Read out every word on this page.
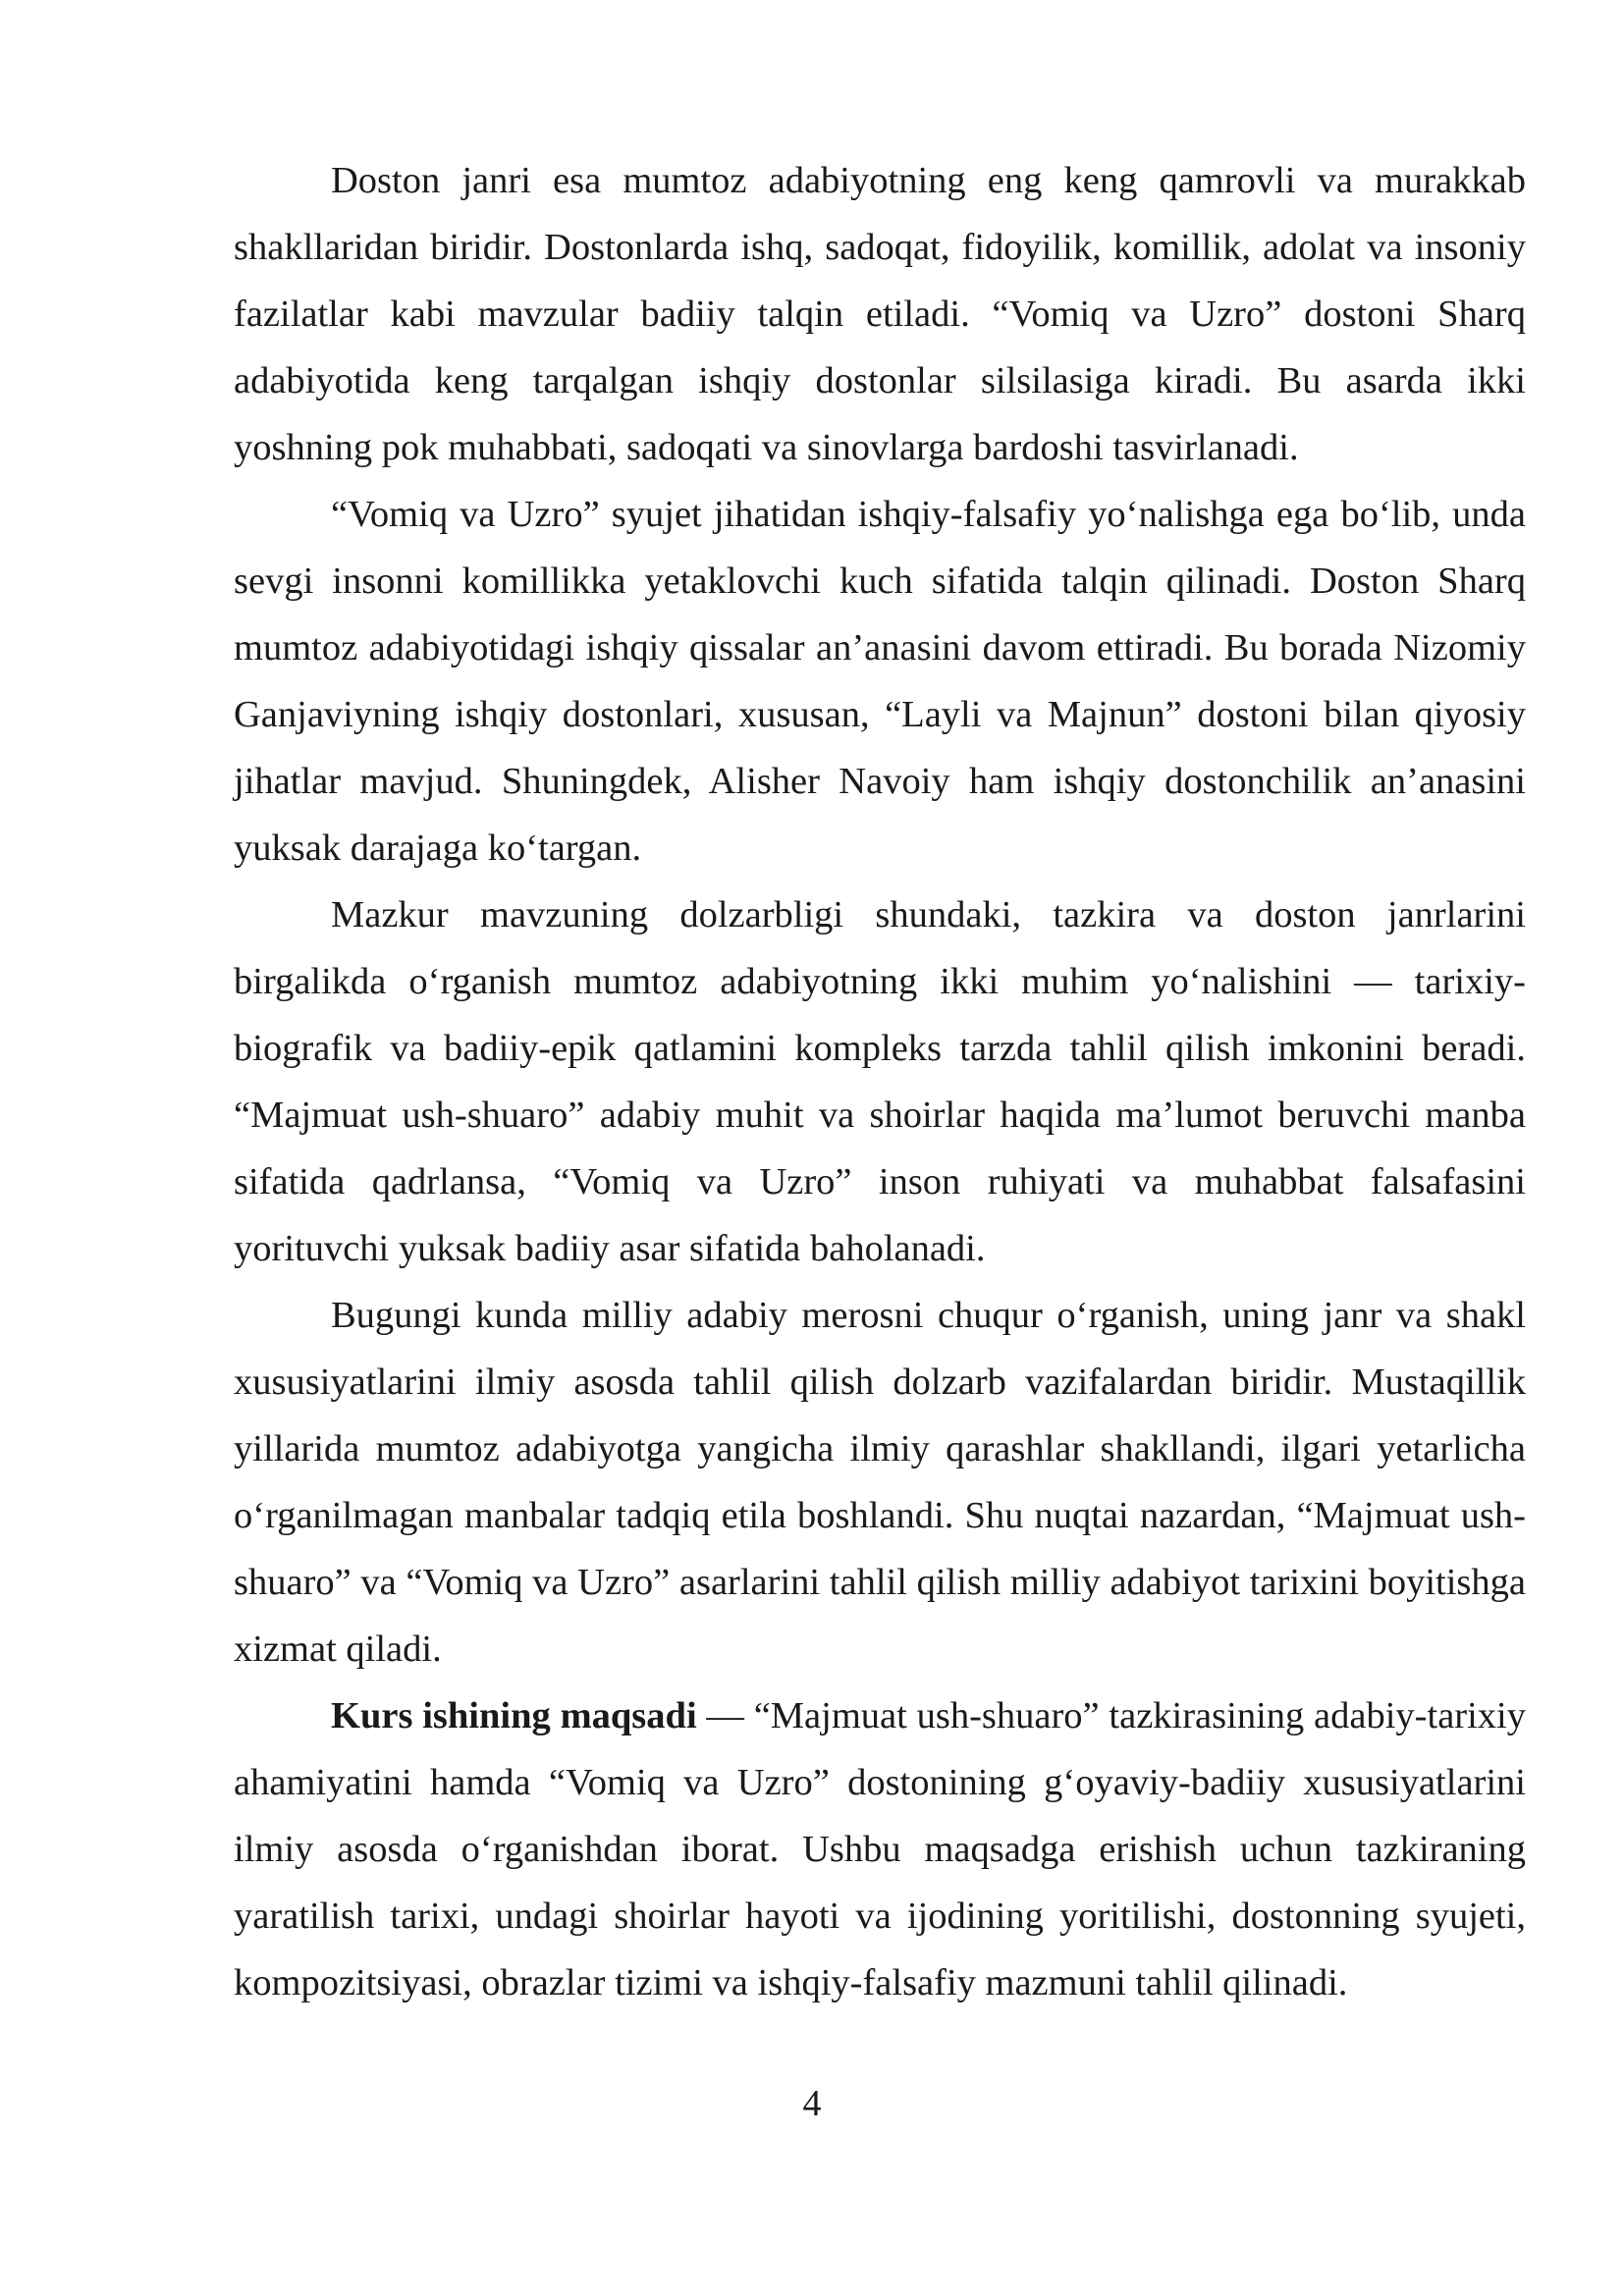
Doston janri esa mumtoz adabiyotning eng keng qamrovli va murakkab shakllaridan biridir. Dostonlarda ishq, sadoqat, fidoyilik, komillik, adolat va insoniy fazilatlar kabi mavzular badiiy talqin etiladi. “Vomiq va Uzro” dostoni Sharq adabiyotida keng tarqalgan ishqiy dostonlar silsilasiga kiradi. Bu asarda ikki yoshning pok muhabbati, sadoqati va sinovlarga bardoshi tasvirlanadi.

“Vomiq va Uzro” syujet jihatidan ishqiy-falsafiy yo‘nalishga ega bo‘lib, unda sevgi insonni komillikka yetaklovchi kuch sifatida talqin qilinadi. Doston Sharq mumtoz adabiyotidagi ishqiy qissalar an’anasini davom ettiradi. Bu borada Nizomiy Ganjaviyning ishqiy dostonlari, xususan, “Layli va Majnun” dostoni bilan qiyosiy jihatlar mavjud. Shuningdek, Alisher Navoiy ham ishqiy dostonchilik an’anasini yuksak darajaga ko‘targan.

Mazkur mavzuning dolzarbligi shundaki, tazkira va doston janrlarini birgalikda o‘rganish mumtoz adabiyotning ikki muhim yo‘nalishini — tarixiy-biografik va badiiy-epik qatlamini kompleks tarzda tahlil qilish imkonini beradi. “Majmuat ush-shuaro” adabiy muhit va shoirlar haqida ma’lumot beruvchi manba sifatida qadrlansa, “Vomiq va Uzro” inson ruhiyati va muhabbat falsafasini yorituvchi yuksak badiiy asar sifatida baholanadi.

Bugungi kunda milliy adabiy merosni chuqur o‘rganish, uning janr va shakl xususiyatlarini ilmiy asosda tahlil qilish dolzarb vazifalardan biridir. Mustaqillik yillarida mumtoz adabiyotga yangicha ilmiy qarashlar shakllandi, ilgari yetarlicha o‘rganilmagan manbalar tadqiq etila boshlandi. Shu nuqtai nazardan, “Majmuat ush-shuaro” va “Vomiq va Uzro” asarlarini tahlil qilish milliy adabiyot tarixini boyitishga xizmat qiladi.

Kurs ishining maqsadi — “Majmuat ush-shuaro” tazkirasining adabiy-tarixiy ahamiyatini hamda “Vomiq va Uzro” dostonining g‘oyaviy-badiiy xususiyatlarini ilmiy asosda o‘rganishdan iborat. Ushbu maqsadga erishish uchun tazkiraning yaratilish tarixi, undagi shoirlar hayoti va ijodining yoritilishi, dostonning syujeti, kompozitsiyasi, obrazlar tizimi va ishqiy-falsafiy mazmuni tahlil qilinadi.

4
